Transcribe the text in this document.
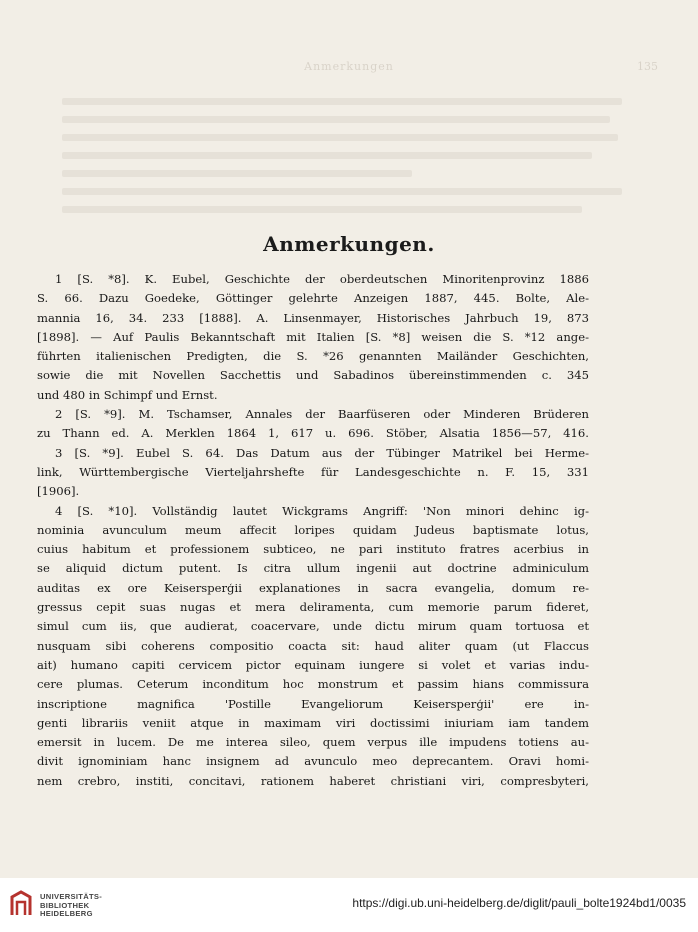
Anmerkungen	135
Anmerkungen.
1 [S. *8]. K. Eubel, Geschichte der oberdeutschen Minoritenprovinz 1886
S. 66. Dazu Goedeke, Göttinger gelehrte Anzeigen 1887, 445. Bolte, Ale-
mannia 16, 34. 233 [1888]. A. Linsenmayer, Historisches Jahrbuch 19, 873
[1898]. — Auf Paulis Bekanntschaft mit Italien [S. *8] weisen die S. *12 ange-
führten italienischen Predigten, die S. *26 genannten Mailänder Geschichten,
sowie die mit Novellen Sacchettis und Sabadinos übereinstimmenden c. 345
und 480 in Schimpf und Ernst.
2 [S. *9]. M. Tschamser, Annales der Baarfüseren oder Minderen Brüderen
zu Thann ed. A. Merklen 1864 1, 617 u. 696. Stöber, Alsatia 1856—57, 416.
3 [S. *9]. Eubel S. 64. Das Datum aus der Tübinger Matrikel bei Herme-
link, Württembergische Vierteljahrshefte für Landesgeschichte n. F. 15, 331
[1906].
4 [S. *10]. Vollständig lautet Wickgrams Angriff: 'Non minori dehinc ig-
nominia avunculum meum affecit loripes quidam Judeus baptismate lotus,
cuius habitum et professionem subticeo, ne pari instituto fratres acerbius in
se aliquid dictum putent. Is citra ullum ingenii aut doctrine adminiculum
auditas ex ore Keisersperģii explanationes in sacra evangelia, domum re-
gressus cepit suas nugas et mera deliramenta, cum memorie parum fideret,
simul cum iis, que audierat, coacervare, unde dictu mirum quam tortuosa et
nusquam sibi coherens compositio coacta sit: haud aliter quam (ut Flaccus
ait) humano capiti cervicem pictor equinam iungere si volet et varias indu-
cere plumas. Ceterum inconditum hoc monstrum et passim hians commissura
inscriptione magnifica 'Postille Evangeliorum Keisersperģii' ere in-
genti librariis veniit atque in maximam viri doctissimi iniuriam iam tandem
emersit in lucem. De me interea sileo, quem verpus ille impudens totiens au-
divit ignominiam hanc insignem ad avunculo meo deprecantem. Oravi homi-
nem crebro, institi, concitavi, rationem haberet christiani viri, compresbyteri,
UNIVERSITÄTS-
BIBLIOTHEK
HEIDELBERG
https://digi.ub.uni-heidelberg.de/diglit/pauli_bolte1924bd1/0035
